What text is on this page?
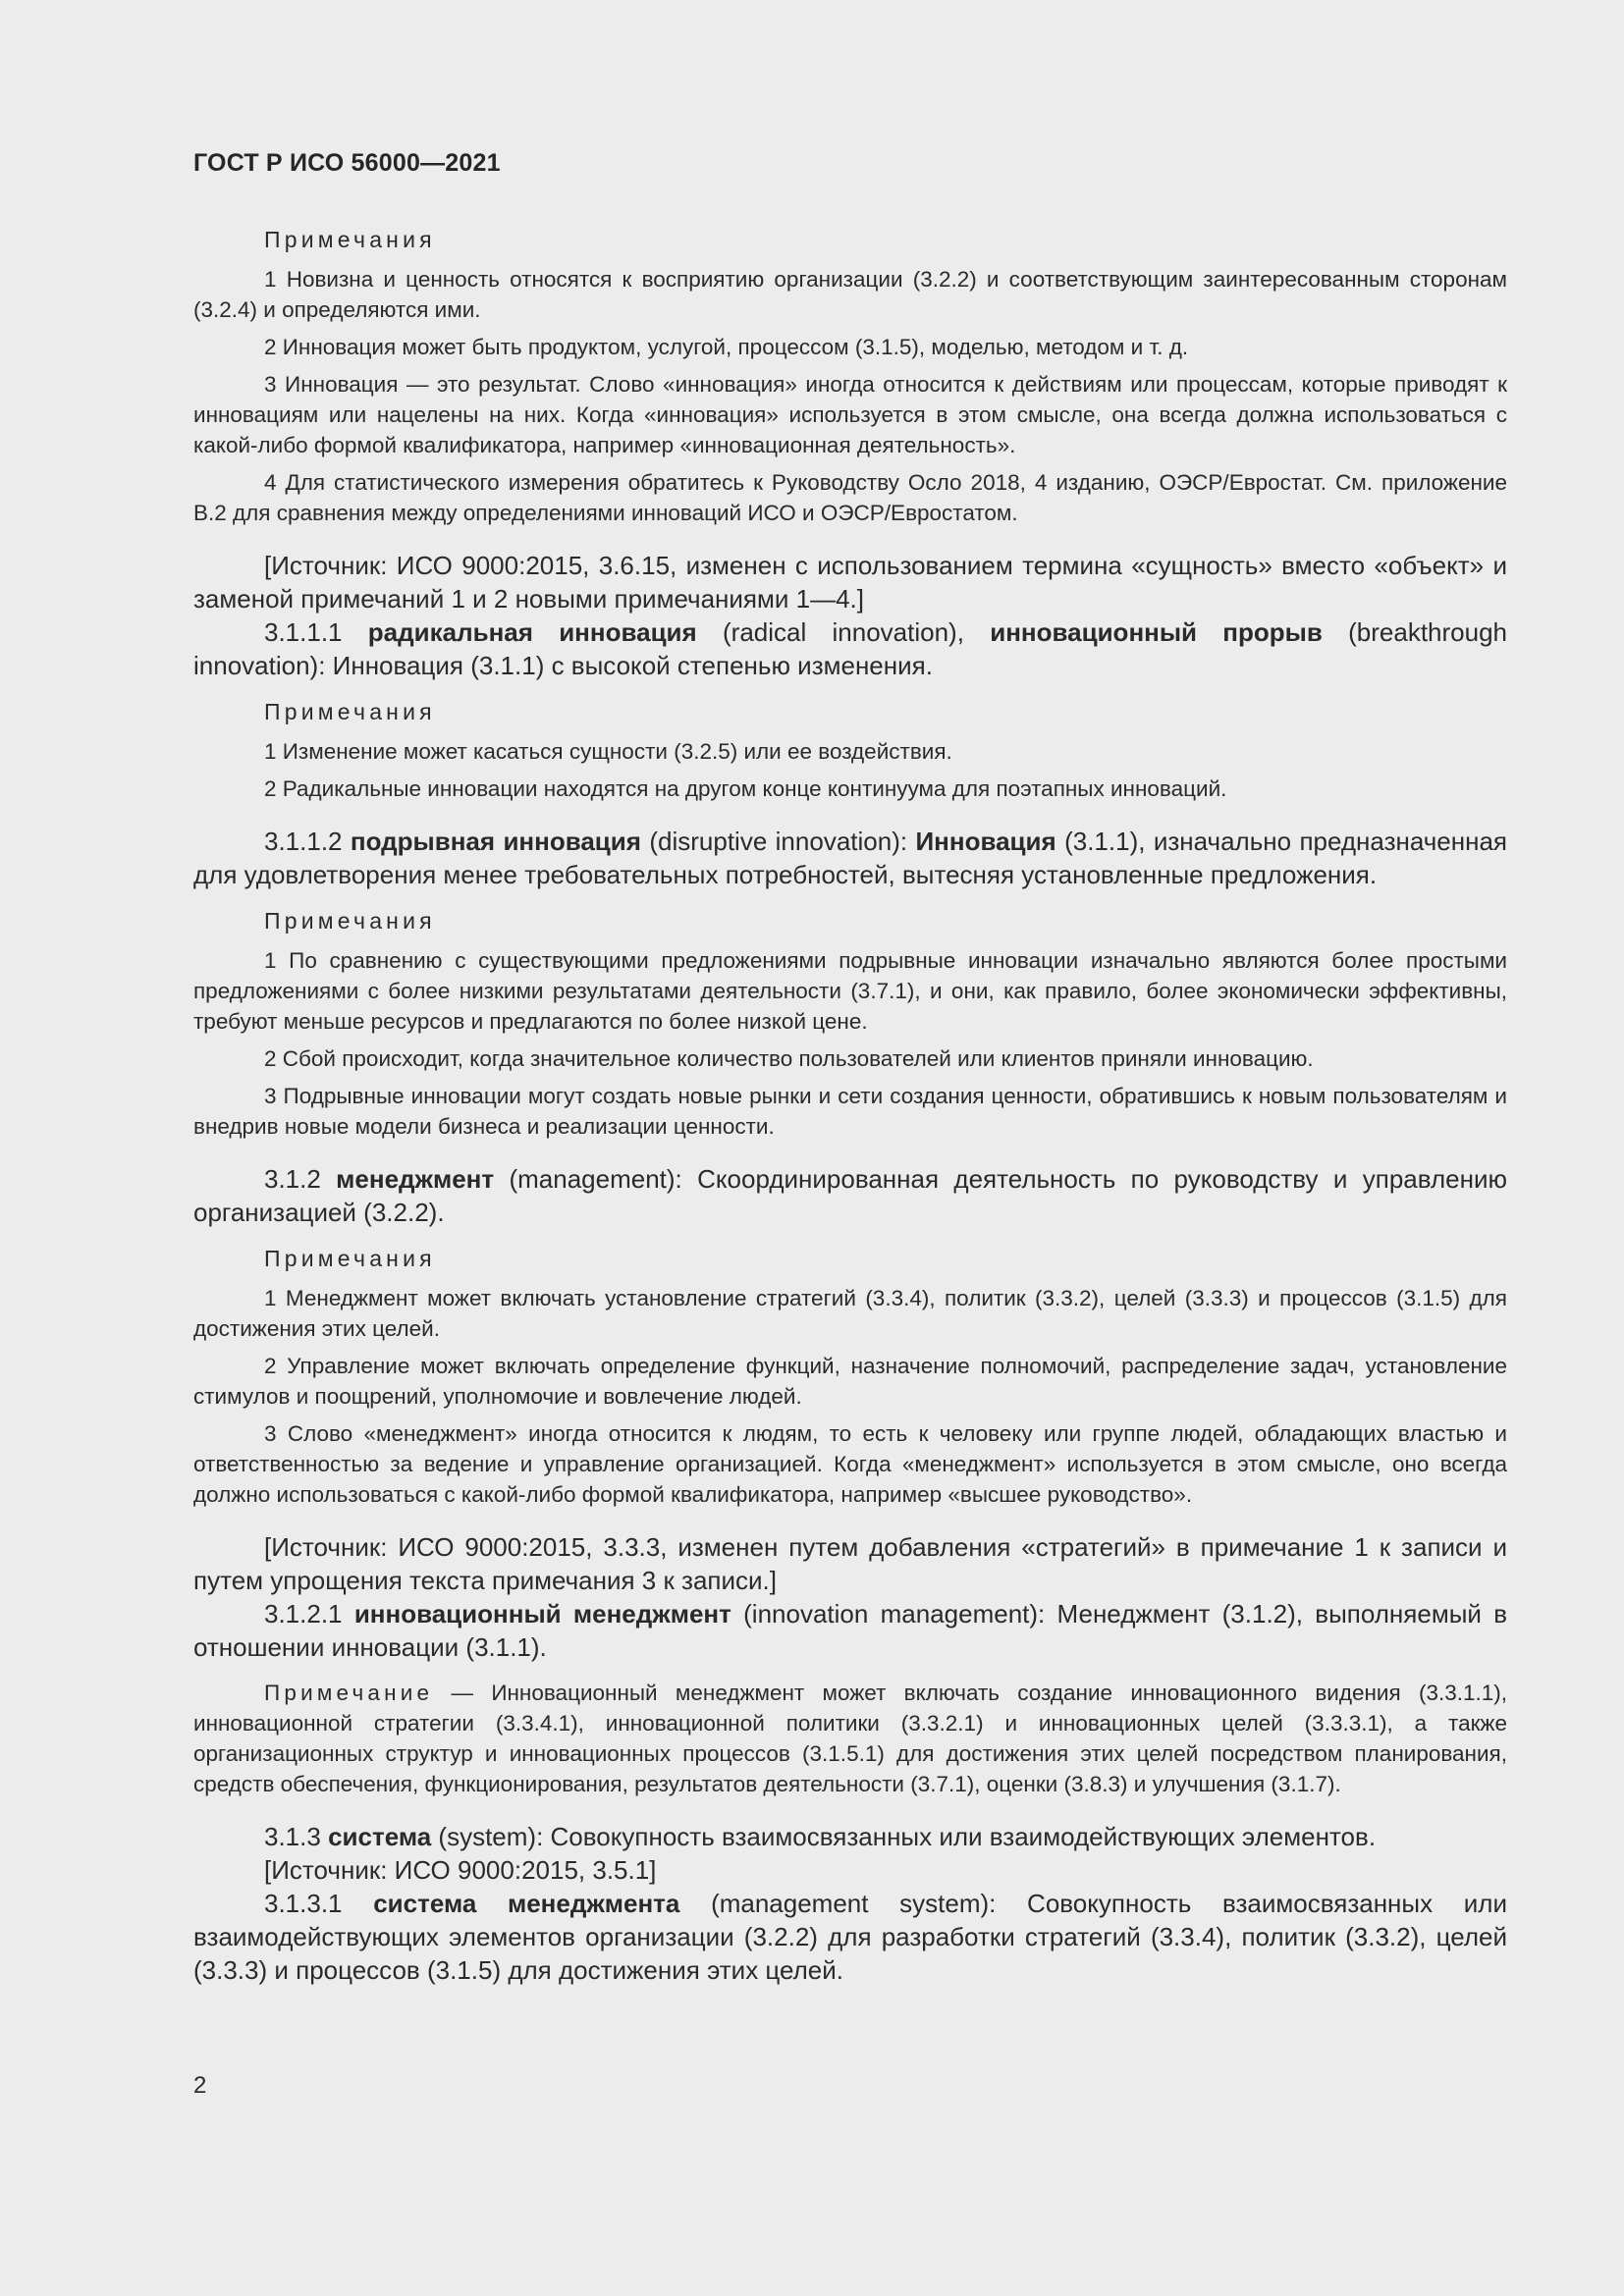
ГОСТ Р ИСО 56000—2021
Примечания

1 Новизна и ценность относятся к восприятию организации (3.2.2) и соответствующим заинтересованным сторонам (3.2.4) и определяются ими.

2 Инновация может быть продуктом, услугой, процессом (3.1.5), моделью, методом и т. д.

3 Инновация — это результат. Слово «инновация» иногда относится к действиям или процессам, которые приводят к инновациям или нацелены на них. Когда «инновация» используется в этом смысле, она всегда должна использоваться с какой-либо формой квалификатора, например «инновационная деятельность».

4 Для статистического измерения обратитесь к Руководству Осло 2018, 4 изданию, ОЭСР/Евростат. См. приложение В.2 для сравнения между определениями инноваций ИСО и ОЭСР/Евростатом.

[Источник: ИСО 9000:2015, 3.6.15, изменен с использованием термина «сущность» вместо «объект» и заменой примечаний 1 и 2 новыми примечаниями 1—4.]

3.1.1.1 радикальная инновация (radical innovation), инновационный прорыв (breakthrough innovation): Инновация (3.1.1) с высокой степенью изменения.

Примечания

1 Изменение может касаться сущности (3.2.5) или ее воздействия.

2 Радикальные инновации находятся на другом конце континуума для поэтапных инноваций.

3.1.1.2 подрывная инновация (disruptive innovation): Инновация (3.1.1), изначально предназначенная для удовлетворения менее требовательных потребностей, вытесняя установленные предложения.

Примечания

1 По сравнению с существующими предложениями подрывные инновации изначально являются более простыми предложениями с более низкими результатами деятельности (3.7.1), и они, как правило, более экономически эффективны, требуют меньше ресурсов и предлагаются по более низкой цене.

2 Сбой происходит, когда значительное количество пользователей или клиентов приняли инновацию.

3 Подрывные инновации могут создать новые рынки и сети создания ценности, обратившись к новым пользователям и внедрив новые модели бизнеса и реализации ценности.

3.1.2 менеджмент (management): Скоординированная деятельность по руководству и управлению организацией (3.2.2).

Примечания

1 Менеджмент может включать установление стратегий (3.3.4), политик (3.3.2), целей (3.3.3) и процессов (3.1.5) для достижения этих целей.

2 Управление может включать определение функций, назначение полномочий, распределение задач, установление стимулов и поощрений, уполномочие и вовлечение людей.

3 Слово «менеджмент» иногда относится к людям, то есть к человеку или группе людей, обладающих властью и ответственностью за ведение и управление организацией. Когда «менеджмент» используется в этом смысле, оно всегда должно использоваться с какой-либо формой квалификатора, например «высшее руководство».

[Источник: ИСО 9000:2015, 3.3.3, изменен путем добавления «стратегий» в примечание 1 к записи и путем упрощения текста примечания 3 к записи.]

3.1.2.1 инновационный менеджмент (innovation management): Менеджмент (3.1.2), выполняемый в отношении инновации (3.1.1).

Примечание — Инновационный менеджмент может включать создание инновационного видения (3.3.1.1), инновационной стратегии (3.3.4.1), инновационной политики (3.3.2.1) и инновационных целей (3.3.3.1), а также организационных структур и инновационных процессов (3.1.5.1) для достижения этих целей посредством планирования, средств обеспечения, функционирования, результатов деятельности (3.7.1), оценки (3.8.3) и улучшения (3.1.7).

3.1.3 система (system): Совокупность взаимосвязанных или взаимодействующих элементов.

[Источник: ИСО 9000:2015, 3.5.1]

3.1.3.1 система менеджмента (management system): Совокупность взаимосвязанных или взаимодействующих элементов организации (3.2.2) для разработки стратегий (3.3.4), политик (3.3.2), целей (3.3.3) и процессов (3.1.5) для достижения этих целей.

2
